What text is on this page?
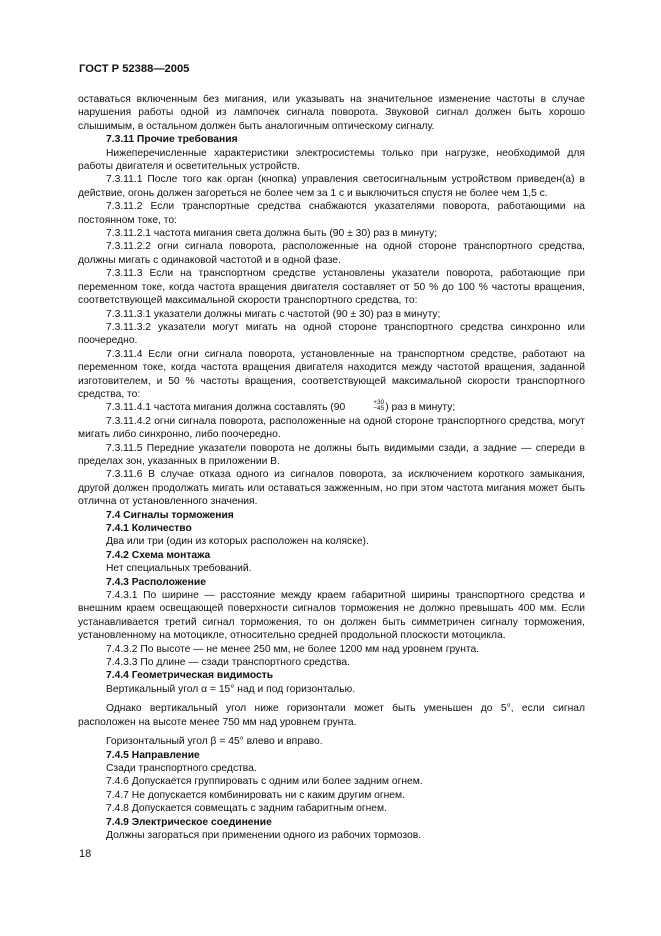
ГОСТ Р 52388—2005

оставаться включенным без мигания, или указывать на значительное изменение частоты в случае нарушения работы одной из лампочек сигнала поворота. Звуковой сигнал должен быть хорошо слышимым, в остальном должен быть аналогичным оптическому сигналу.

7.3.11 Прочие требования

Нижеперечисленные характеристики электросистемы только при нагрузке, необходимой для работы двигателя и осветительных устройств.

7.3.11.1 После того как орган (кнопка) управления светосигнальным устройством приведен(а) в действие, огонь должен загореться не более чем за 1 с и выключиться спустя не более чем 1,5 с.

7.3.11.2 Если транспортные средства снабжаются указателями поворота, работающими на постоянном токе, то:

7.3.11.2.1 частота мигания света должна быть (90 ± 30) раз в минуту;

7.3.11.2.2 огни сигнала поворота, расположенные на одной стороне транспортного средства, должны мигать с одинаковой частотой и в одной фазе.

7.3.11.3 Если на транспортном средстве установлены указатели поворота, работающие при переменном токе, когда частота вращения двигателя составляет от 50 % до 100 % частоты вращения, соответствующей максимальной скорости транспортного средства, то:

7.3.11.3.1 указатели должны мигать с частотой (90 ± 30) раз в минуту;

7.3.11.3.2 указатели могут мигать на одной стороне транспортного средства синхронно или поочередно.

7.3.11.4 Если огни сигнала поворота, установленные на транспортном средстве, работают на переменном токе, когда частота вращения двигателя находится между частотой вращения, заданной изготовителем, и 50 % частоты вращения, соответствующей максимальной скорости транспортного средства, то:

7.3.11.4.1 частота мигания должна составлять (90
+30
−45 ) раз в минуту;

7.3.11.4.2 огни сигнала поворота, расположенные на одной стороне транспортного средства, могут мигать либо синхронно, либо поочередно.

7.3.11.5 Передние указатели поворота не должны быть видимыми сзади, а задние — спереди в пределах зон, указанных в приложении В.

7.3.11.6 В случае отказа одного из сигналов поворота, за исключением короткого замыкания, другой должен продолжать мигать или оставаться зажженным, но при этом частота мигания может быть отлична от установленного значения.

7.4 Сигналы торможения

7.4.1 Количество

Два или три (один из которых расположен на коляске).

7.4.2 Схема монтажа

Нет специальных требований.

7.4.3 Расположение

7.4.3.1 По ширине — расстояние между краем габаритной ширины транспортного средства и внешним краем освещающей поверхности сигналов торможения не должно превышать 400 мм. Если устанавливается третий сигнал торможения, то он должен быть симметричен сигналу торможения, установленному на мотоцикле, относительно средней продольной плоскости мотоцикла.

7.4.3.2 По высоте — не менее 250 мм, не более 1200 мм над уровнем грунта.

7.4.3.3 По длине — сзади транспортного средства.

7.4.4 Геометрическая видимость

Вертикальный угол α = 15° над и под горизонталью.

Однако вертикальный угол ниже горизонтали может быть уменьшен до 5°, если сигнал расположен на высоте менее 750 мм над уровнем грунта.

Горизонтальный угол β = 45° влево и вправо.

7.4.5 Направление

Сзади транспортного средства.

7.4.6 Допускается группировать с одним или более задним огнем.

7.4.7 Не допускается комбинировать ни с каким другим огнем.

7.4.8 Допускается совмещать с задним габаритным огнем.

7.4.9 Электрическое соединение

Должны загораться при применении одного из рабочих тормозов.

18
